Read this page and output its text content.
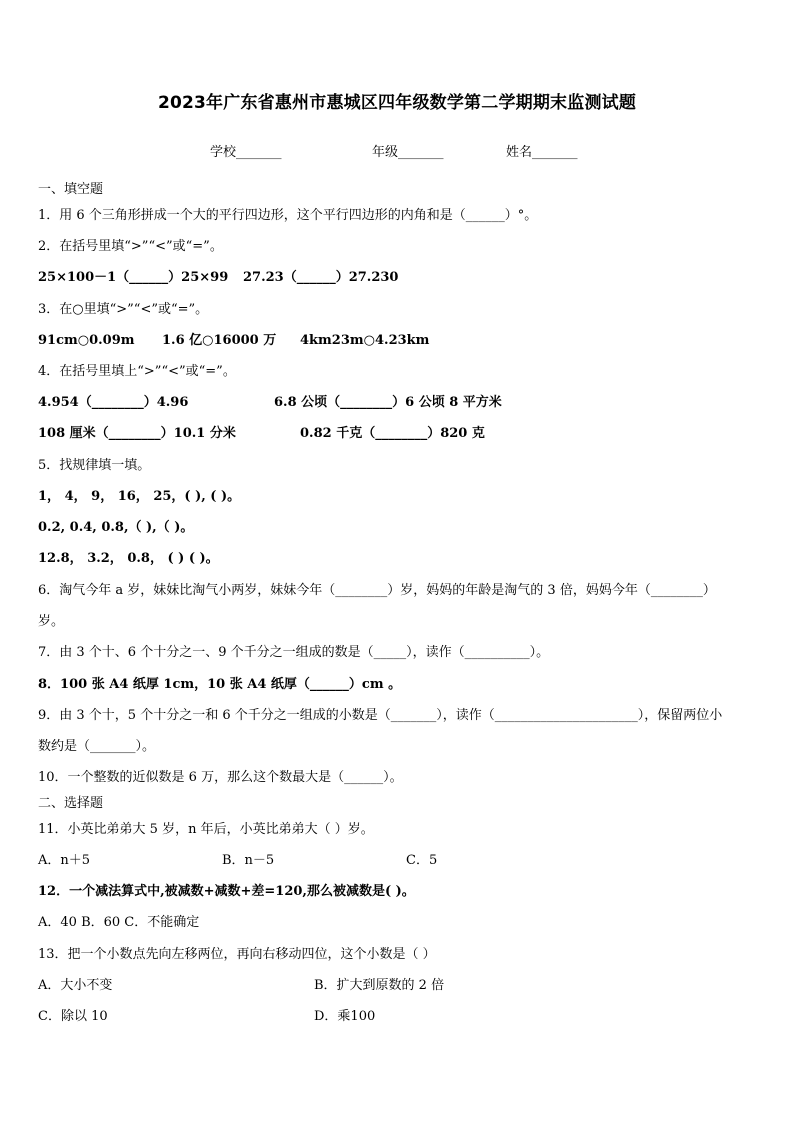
2023年广东省惠州市惠城区四年级数学第二学期期末监测试题
学校_______	年级_______	姓名_______
一、填空题
1．用 6 个三角形拼成一个大的平行四边形，这个平行四边形的内角和是（______）°。
2．在括号里填“>”“<”或“=”。
25×100－1（______）25×99 27.23（______）27.230
3．在○里填“>”“<”或“=”。
91cm○0.09m 1.6 亿○16000 万 4km23m○4.23km
4．在括号里填上“>”“<”或“=”。
4.954（________）4.96	6.8 公顷（________）6 公顷 8 平方米
108 厘米（________）10.1 分米	0.82 千克（________）820 克
5．找规律填一填。
1， 4， 9， 16， 25，( ), ( )。
0.2, 0.4, 0.8,（ ),（ )。
12.8， 3.2， 0.8， ( ) ( )。
6．淘气今年 a 岁，妹妹比淘气小两岁，妹妹今年（________）岁，妈妈的年龄是淘气的 3 倍，妈妈今年（________）
岁。
7．由 3 个十、6 个十分之一、9 个千分之一组成的数是（_____），读作（__________）。
8．100 张 A4 纸厚 1cm，10 张 A4 纸厚（______）cm 。
9．由 3 个十，5 个十分之一和 6 个千分之一组成的小数是（_______），读作（______________________），保留两位小
数约是（_______）。
10．一个整数的近似数是 6 万，那么这个数最大是（______）。
二、选择题
11．小英比弟弟大 5 岁，n 年后，小英比弟弟大（ ）岁。
A．n＋5	B．n－5	C．5
12．一个减法算式中,被减数+减数+差=120,那么被减数是( )。
A．40 B．60 C．不能确定
13．把一个小数点先向左移两位，再向右移动四位，这个小数是（ ）
A．大小不变	B．扩大到原数的 2 倍
C．除以 10	D．乘100
